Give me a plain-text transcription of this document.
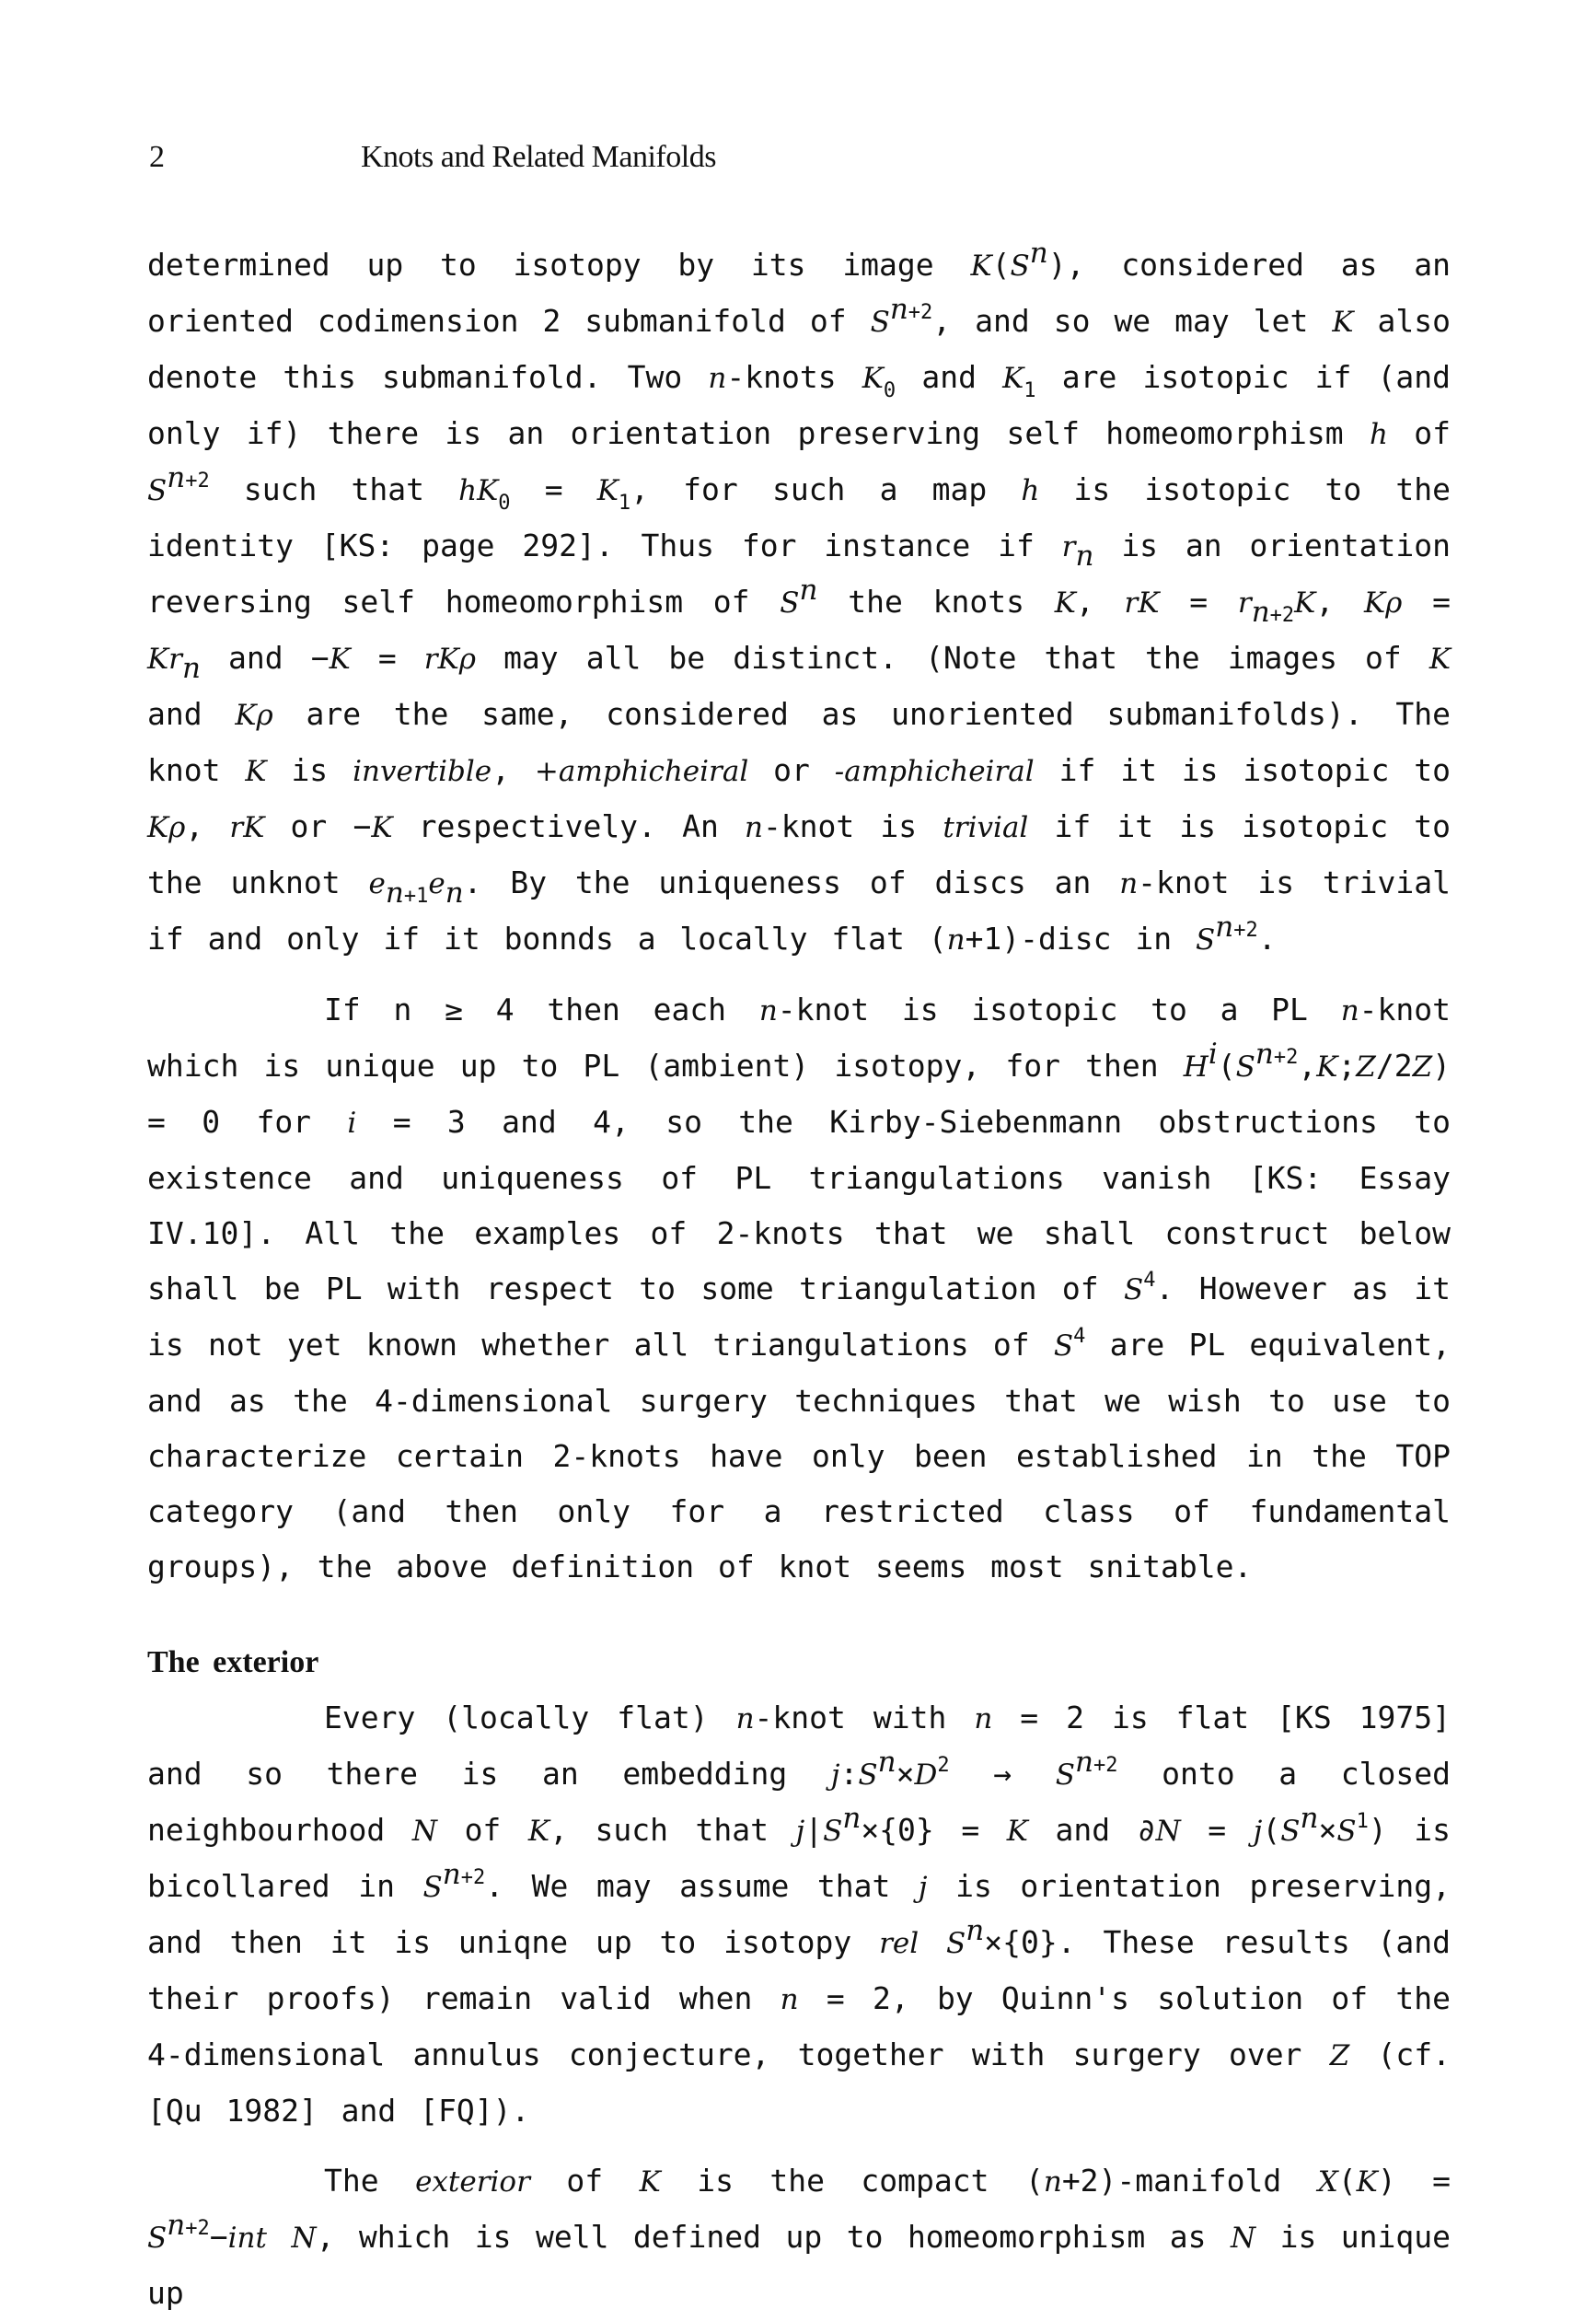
2	Knots and Related Manifolds

determined up to isotopy by its image $K(S^n)$, considered as an oriented codimension 2 submanifold of $S^{n+2}$, and so we may let K also denote this submanifold. Two n-knots $K_0$ and $K_1$ are isotopic if (and only if) there is an orientation preserving self homeomorphism h of $S^{n+2}$ such that $hK_0 = K_1$, for such a map h is isotopic to the identity [KS: page 292]. Thus for instance if $r_n$ is an orientation reversing self homeomorphism of $S^n$ the knots K, rK = $r_{n+2}K$, $K\rho = Kr_n$ and −K = rKρ may all be distinct. (Note that the images of K and Kρ are the same, considered as unoriented submanifolds). The knot K is invertible, +amphicheiral or -amphicheiral if it is isotopic to Kρ, rK or −K respectively. An n-knot is trivial if it is isotopic to the unknot $e_{n+1}e_n$. By the uniqueness of discs an n-knot is trivial if and only if it bonnds a locally flat (n+1)-disc in $S^{n+2}$.

If n ≥ 4 then each n-knot is isotopic to a PL n-knot which is unique up to PL (ambient) isotopy, for then $H^i(S^{n+2},K;Z/2Z) = 0$ for i = 3 and 4, so the Kirby-Siebenmann obstructions to existence and uniqueness of PL triangulations vanish [KS: Essay IV.10]. All the examples of 2-knots that we shall construct below shall be PL with respect to some triangulation of $S^4$. However as it is not yet known whether all triangulations of $S^4$ are PL equivalent, and as the 4-dimensional surgery techniques that we wish to use to characterize certain 2-knots have only been established in the TOP category (and then only for a restricted class of fundamental groups), the above definition of knot seems most snitable.

The exterior

Every (locally flat) n-knot with n = 2 is flat [KS 1975] and so there is an embedding $j:S^n\times D^2 \to S^{n+2}$ onto a closed neighbourhood N of K, such that $j|S^n\times\{0\} = K$ and $\partial N = j(S^n\times S^1)$ is bicollared in $S^{n+2}$. We may assume that j is orientation preserving, and then it is uniqne up to isotopy rel $S^n\times\{0\}$. These results (and their proofs) remain valid when n = 2, by Quinn's solution of the 4-dimensional annulus conjecture, together with surgery over Z (cf. [Qu 1982] and [FQ]).

The exterior of K is the compact (n+2)-manifold $X(K) = S^{n+2}-int$ N, which is well defined up to homeomorphism as N is unique up
